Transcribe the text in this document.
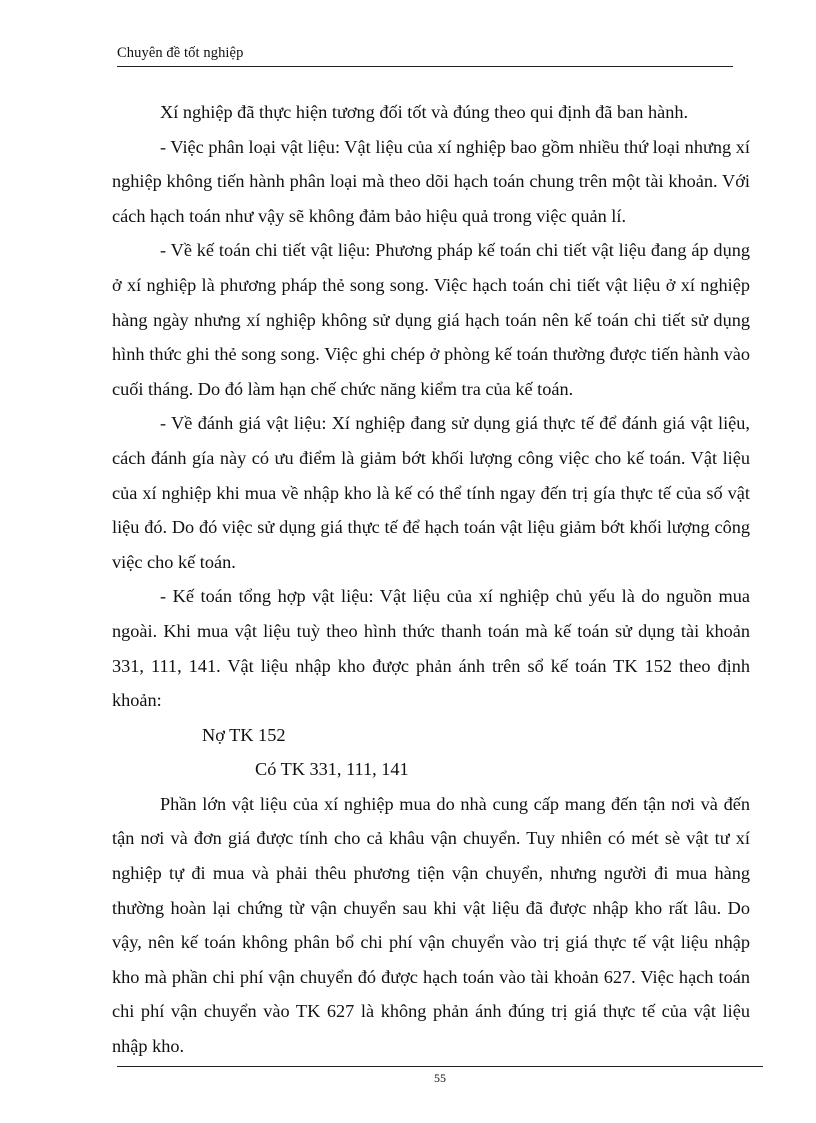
Chuyên đề tốt nghiệp

Xí nghiệp đã thực hiện tương đối tốt và đúng theo qui định đã ban hành.

- Việc phân loại vật liệu: Vật liệu của xí nghiệp bao gồm nhiều thứ loại nhưng xí nghiệp không tiến hành phân loại mà theo dõi hạch toán chung trên một tài khoản. Với cách hạch toán như vậy sẽ không đảm bảo hiệu quả trong việc quản lí.

- Về kế toán chi tiết vật liệu: Phương pháp kế toán chi tiết vật liệu đang áp dụng ở xí nghiệp là phương pháp thẻ song song. Việc hạch toán chi tiết vật liệu ở xí nghiệp hàng ngày nhưng xí nghiệp không sử dụng giá hạch toán nên kế toán chi tiết sử dụng hình thức ghi thẻ song song. Việc ghi chép ở phòng kế toán thường được tiến hành vào cuối tháng. Do đó làm hạn chế chức năng kiểm tra của kế toán.

- Về đánh giá vật liệu: Xí nghiệp đang sử dụng giá thực tế để đánh giá vật liệu, cách đánh gía này có ưu điểm là giảm bớt khối lượng công việc cho kế toán. Vật liệu của xí nghiệp khi mua về nhập kho là kế có thể tính ngay đến trị gía thực tế của số vật liệu đó. Do đó việc sử dụng giá thực tế để hạch toán vật liệu giảm bớt khối lượng công việc cho kế toán.

- Kế toán tổng hợp vật liệu: Vật liệu của xí nghiệp chủ yếu là do nguồn mua ngoài. Khi mua vật liệu tuỳ theo hình thức thanh toán mà kế toán sử dụng tài khoản 331, 111, 141. Vật liệu nhập kho được phản ánh trên sổ kế toán TK 152 theo định khoản:

Nợ TK 152

Có TK 331, 111, 141

Phần lớn vật liệu của xí nghiệp mua do nhà cung cấp mang đến tận nơi và đến tận nơi và đơn giá được tính cho cả khâu vận chuyển. Tuy nhiên có mét sè vật tư xí nghiệp tự đi mua và phải thêu phương tiện vận chuyển, nhưng người đi mua hàng thường hoàn lại chứng từ vận chuyển sau khi vật liệu đã được nhập kho rất lâu. Do vậy, nên kế toán không phân bổ chi phí vận chuyển vào trị giá thực tế vật liệu nhập kho mà phần chi phí vận chuyển đó được hạch toán vào tài khoản 627. Việc hạch toán chi phí vận chuyển vào TK 627 là không phản ánh đúng trị giá thực tế của vật liệu nhập kho.

55
